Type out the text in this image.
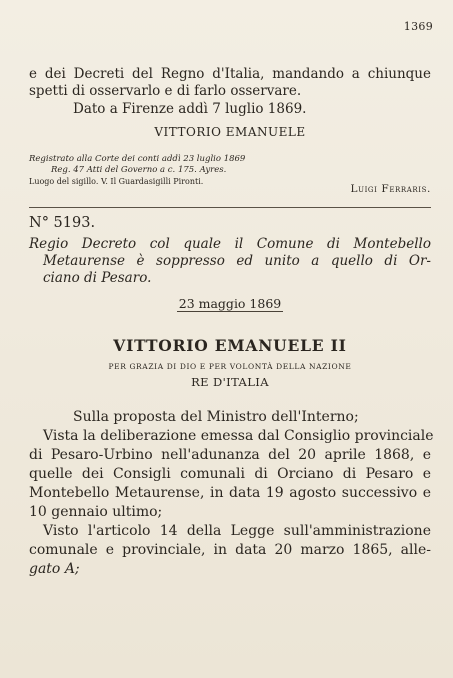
1369
e dei Decreti del Regno d'Italia, mandando a chiunque
spetti di osservarlo e di farlo osservare.
Dato a Firenze addì 7 luglio 1869.
VITTORIO EMANUELE
Registrato alla Corte dei conti addì 23 luglio 1869
Reg. 47 Atti del Governo a c. 175. Ayres.
Luogo del sigillo. V. Il Guardasigilli Pironti.
Luigi Ferraris.
N° 5193.
Regio Decreto col quale il Comune di Montebello
Metaurense è soppresso ed unito a quello di Or-
ciano di Pesaro.
23 maggio 1869
VITTORIO EMANUELE II
PER GRAZIA DI DIO E PER VOLONTÀ DELLA NAZIONE
RE D'ITALIA
Sulla proposta del Ministro dell'Interno;
Vista la deliberazione emessa dal Consiglio provinciale
di Pesaro-Urbino nell'adunanza del 20 aprile 1868, e
quelle dei Consigli comunali di Orciano di Pesaro e
Montebello Metaurense, in data 19 agosto successivo e
10 gennaio ultimo;
Visto l'articolo 14 della Legge sull'amministrazione
comunale e provinciale, in data 20 marzo 1865, alle-
gato A;
